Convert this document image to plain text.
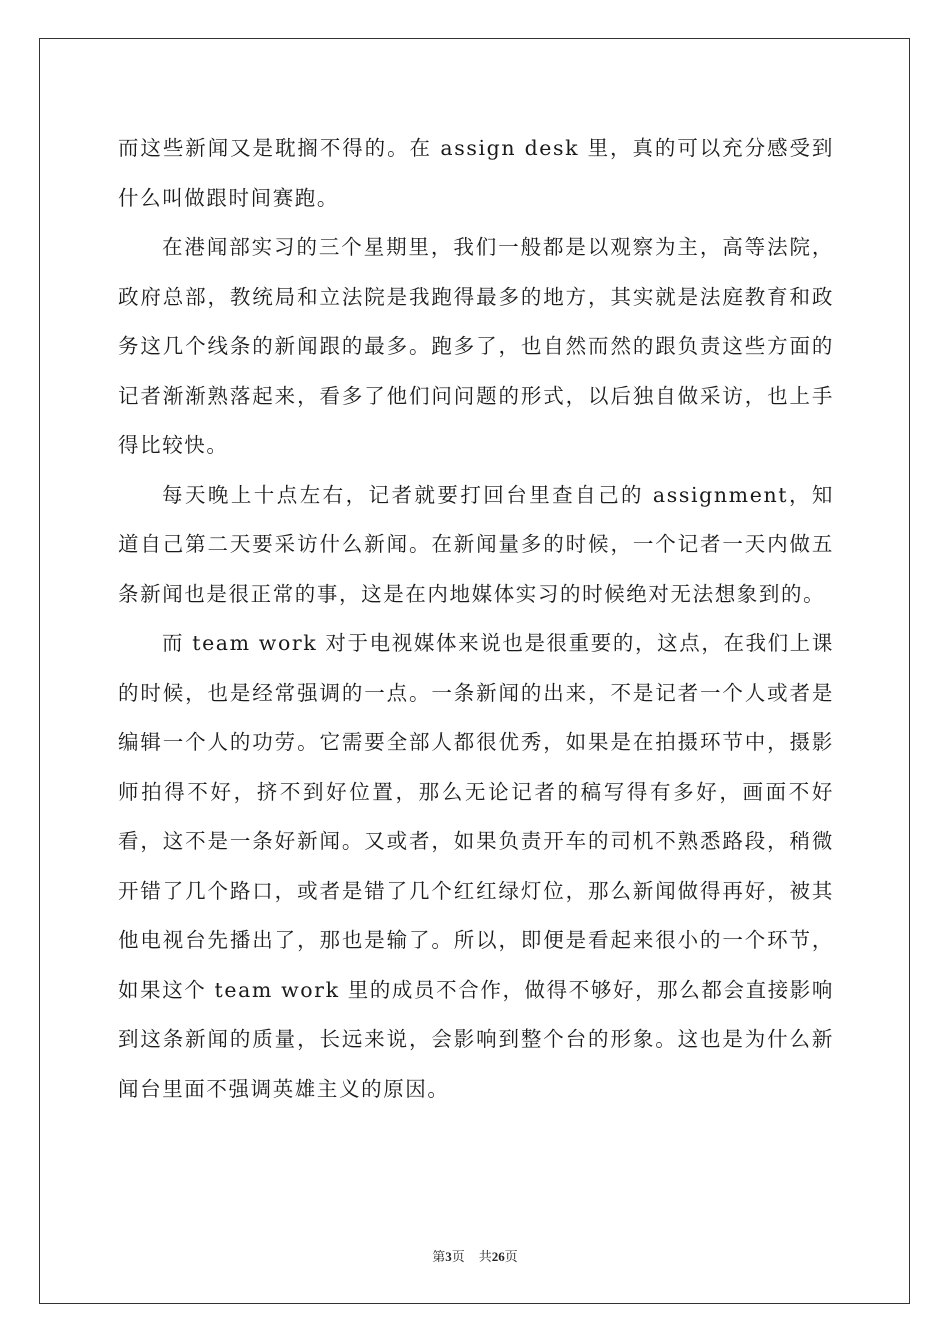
而这些新闻又是耽搁不得的。在 assign desk 里，真的可以充分感受到什么叫做跟时间赛跑。

在港闻部实习的三个星期里，我们一般都是以观察为主，高等法院，政府总部，教统局和立法院是我跑得最多的地方，其实就是法庭教育和政务这几个线条的新闻跟的最多。跑多了，也自然而然的跟负责这些方面的记者渐渐熟落起来，看多了他们问问题的形式，以后独自做采访，也上手得比较快。

每天晚上十点左右，记者就要打回台里查自己的 assignment，知道自己第二天要采访什么新闻。在新闻量多的时候，一个记者一天内做五条新闻也是很正常的事，这是在内地媒体实习的时候绝对无法想象到的。

而 team work 对于电视媒体来说也是很重要的，这点，在我们上课的时候，也是经常强调的一点。一条新闻的出来，不是记者一个人或者是编辑一个人的功劳。它需要全部人都很优秀，如果是在拍摄环节中，摄影师拍得不好，挤不到好位置，那么无论记者的稿写得有多好，画面不好看，这不是一条好新闻。又或者，如果负责开车的司机不熟悉路段，稍微开错了几个路口，或者是错了几个红红绿灯位，那么新闻做得再好，被其他电视台先播出了，那也是输了。所以，即便是看起来很小的一个环节，如果这个 team work 里的成员不合作，做得不够好，那么都会直接影响到这条新闻的质量，长远来说，会影响到整个台的形象。这也是为什么新闻台里面不强调英雄主义的原因。

第3页 共26页
